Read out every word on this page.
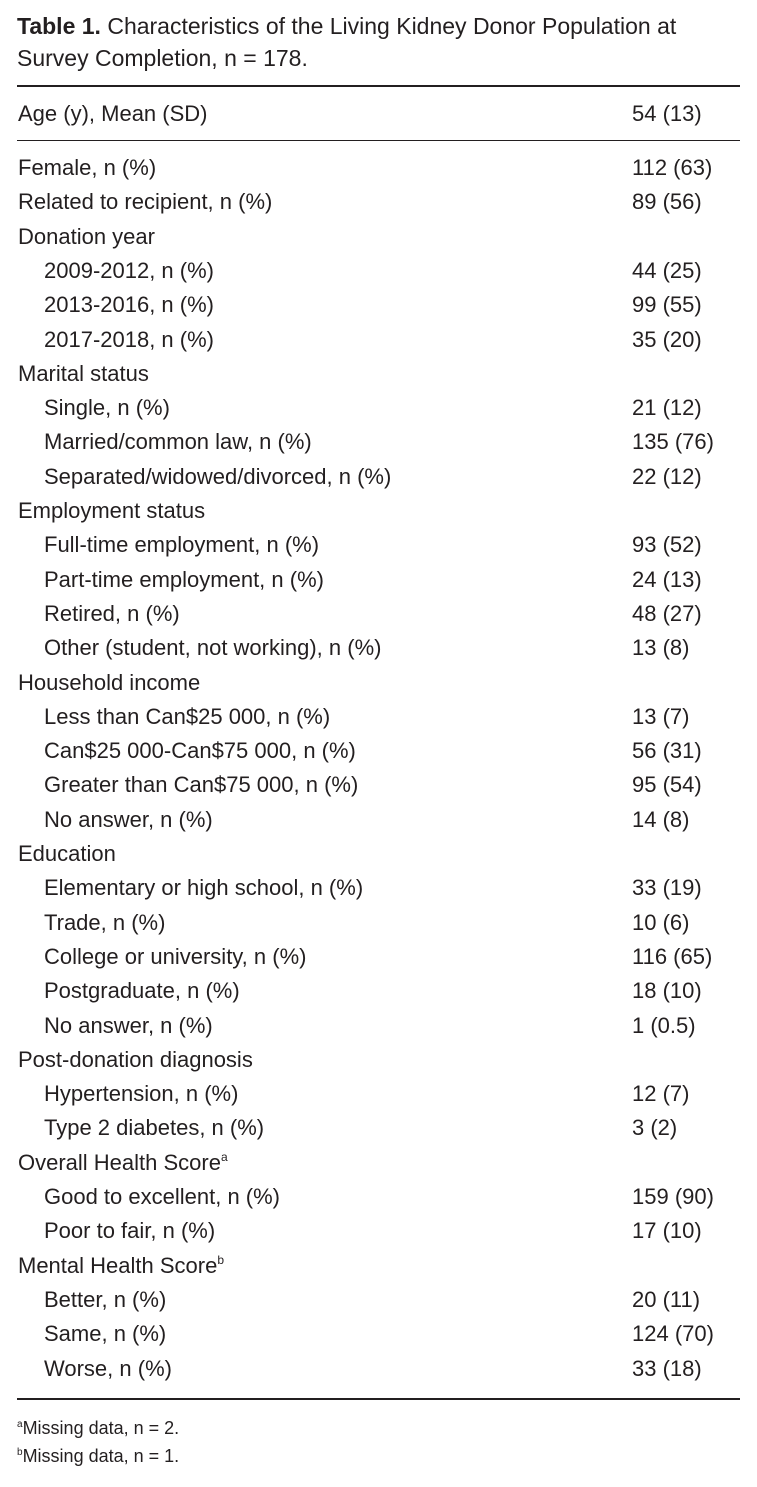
Table 1. Characteristics of the Living Kidney Donor Population at Survey Completion, n = 178.
Age (y), Mean (SD)	54 (13)
Female, n (%)	112 (63)
Related to recipient, n (%)	89 (56)
Donation year
2009-2012, n (%)	44 (25)
2013-2016, n (%)	99 (55)
2017-2018, n (%)	35 (20)
Marital status
Single, n (%)	21 (12)
Married/common law, n (%)	135 (76)
Separated/widowed/divorced, n (%)	22 (12)
Employment status
Full-time employment, n (%)	93 (52)
Part-time employment, n (%)	24 (13)
Retired, n (%)	48 (27)
Other (student, not working), n (%)	13 (8)
Household income
Less than Can$25 000, n (%)	13 (7)
Can$25 000-Can$75 000, n (%)	56 (31)
Greater than Can$75 000, n (%)	95 (54)
No answer, n (%)	14 (8)
Education
Elementary or high school, n (%)	33 (19)
Trade, n (%)	10 (6)
College or university, n (%)	116 (65)
Postgraduate, n (%)	18 (10)
No answer, n (%)	1 (0.5)
Post-donation diagnosis
Hypertension, n (%)	12 (7)
Type 2 diabetes, n (%)	3 (2)
Overall Health Score$^a$
Good to excellent, n (%)	159 (90)
Poor to fair, n (%)	17 (10)
Mental Health Score$^b$
Better, n (%)	20 (11)
Same, n (%)	124 (70)
Worse, n (%)	33 (18)
$^a$Missing data, n = 2.
$^b$Missing data, n = 1.
